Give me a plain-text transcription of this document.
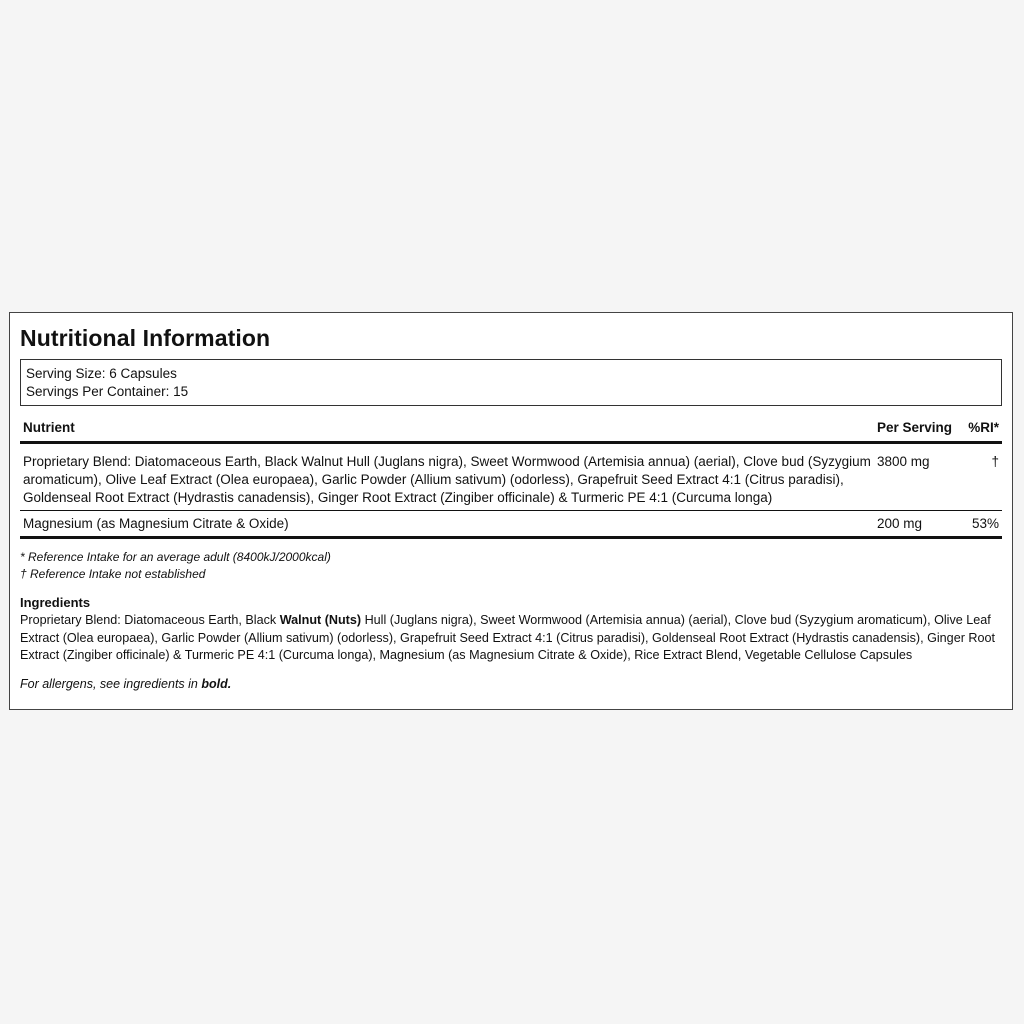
Nutritional Information
Serving Size: 6 Capsules
Servings Per Container: 15
Nutrient	Per Serving	%RI*
Proprietary Blend: Diatomaceous Earth, Black Walnut Hull (Juglans nigra), Sweet Wormwood (Artemisia annua) (aerial), Clove bud (Syzygium aromaticum), Olive Leaf Extract (Olea europaea), Garlic Powder (Allium sativum) (odorless), Grapefruit Seed Extract 4:1 (Citrus paradisi), Goldenseal Root Extract (Hydrastis canadensis), Ginger Root Extract (Zingiber officinale) & Turmeric PE 4:1 (Curcuma longa)	3800 mg	†
Magnesium (as Magnesium Citrate & Oxide)	200 mg	53%
* Reference Intake for an average adult (8400kJ/2000kcal)
† Reference Intake not established
Ingredients
Proprietary Blend: Diatomaceous Earth, Black Walnut (Nuts) Hull (Juglans nigra), Sweet Wormwood (Artemisia annua) (aerial), Clove bud (Syzygium aromaticum), Olive Leaf Extract (Olea europaea), Garlic Powder (Allium sativum) (odorless), Grapefruit Seed Extract 4:1 (Citrus paradisi), Goldenseal Root Extract (Hydrastis canadensis), Ginger Root Extract (Zingiber officinale) & Turmeric PE 4:1 (Curcuma longa), Magnesium (as Magnesium Citrate & Oxide), Rice Extract Blend, Vegetable Cellulose Capsules
For allergens, see ingredients in bold.
